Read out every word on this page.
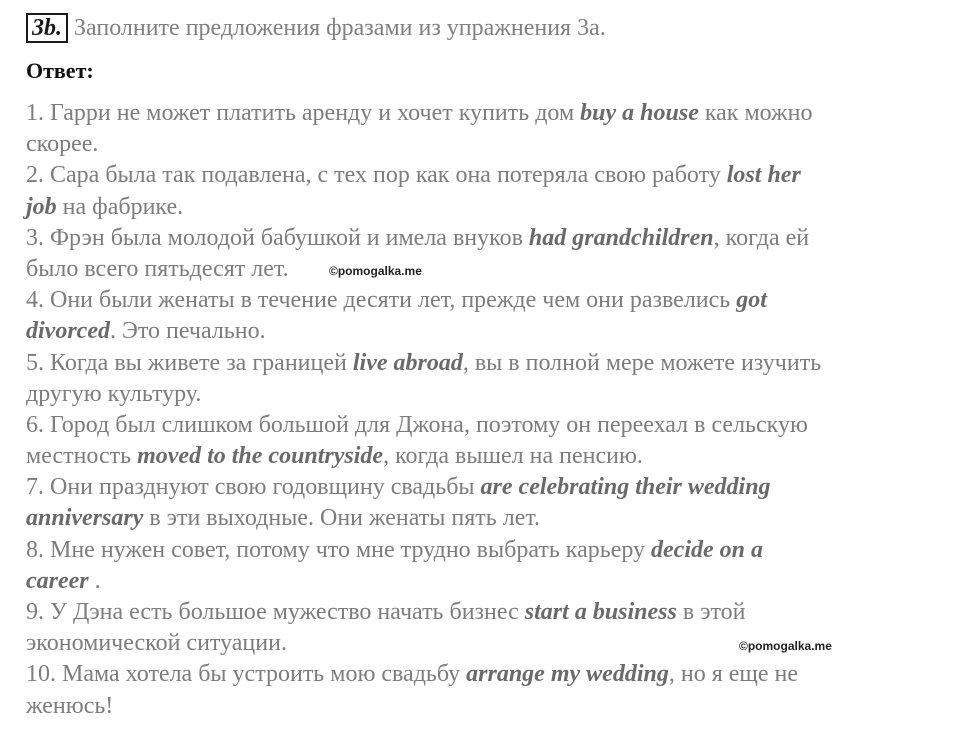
3b. Заполните предложения фразами из упражнения 3a.
Ответ:
1. Гарри не может платить аренду и хочет купить дом buy a house как можно
скорее.
2. Сара была так подавлена, с тех пор как она потеряла свою работу lost her
job на фабрике.
3. Фрэн была молодой бабушкой и имела внуков had grandchildren, когда ей
было всего пятьдесят лет.
4. Они были женаты в течение десяти лет, прежде чем они развелись got
divorced. Это печально.
5. Когда вы живете за границей live abroad, вы в полной мере можете изучить
другую культуру.
6. Город был слишком большой для Джона, поэтому он переехал в сельскую
местность moved to the countryside, когда вышел на пенсию.
7. Они празднуют свою годовщину свадьбы are celebrating their wedding
anniversary в эти выходные. Они женаты пять лет.
8. Мне нужен совет, потому что мне трудно выбрать карьеру decide on a
career .
9. У Дэна есть большое мужество начать бизнес start a business в этой
экономической ситуации.
10. Мама хотела бы устроить мою свадьбу arrange my wedding, но я еще не
женюсь!
©pomogalka.me
©pomogalka.me
